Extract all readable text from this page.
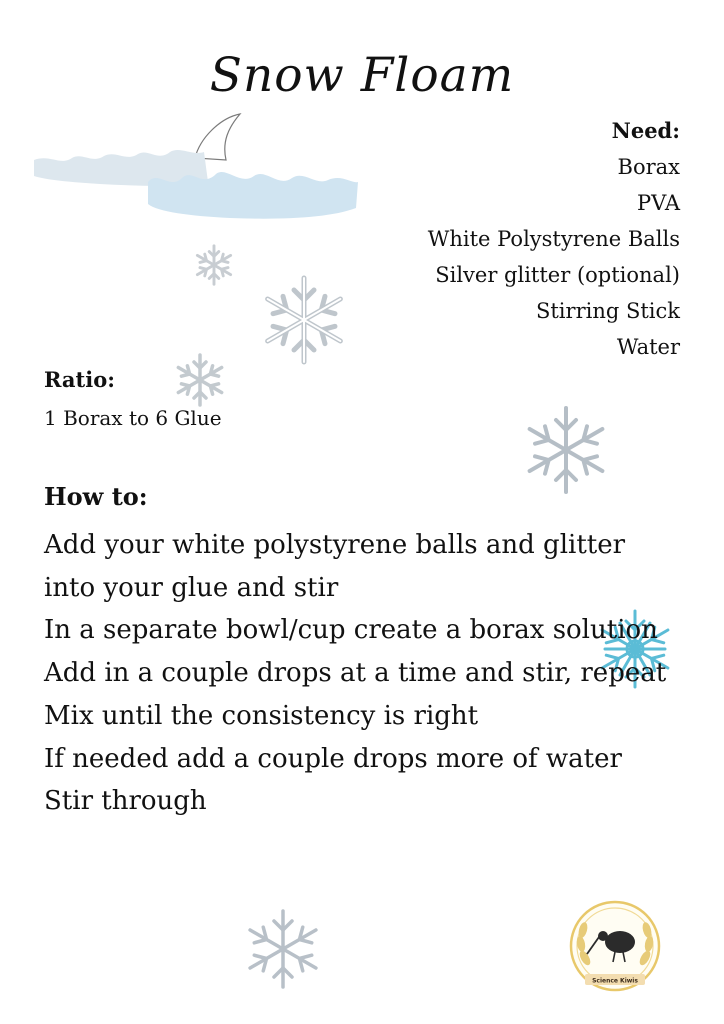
Snow Floam
Science Kiwis
Need:
Borax
PVA
White Polystyrene Balls
Silver glitter (optional)
Stirring Stick
Water
Ratio:
1 Borax to 6 Glue
How to:

Add your white polystyrene balls and glitter into your glue and stir

In a separate bowl/cup create a borax solution

Add in a couple drops at a time and stir, repeat

Mix until the consistency is right

If needed add a couple drops more of water

Stir through
